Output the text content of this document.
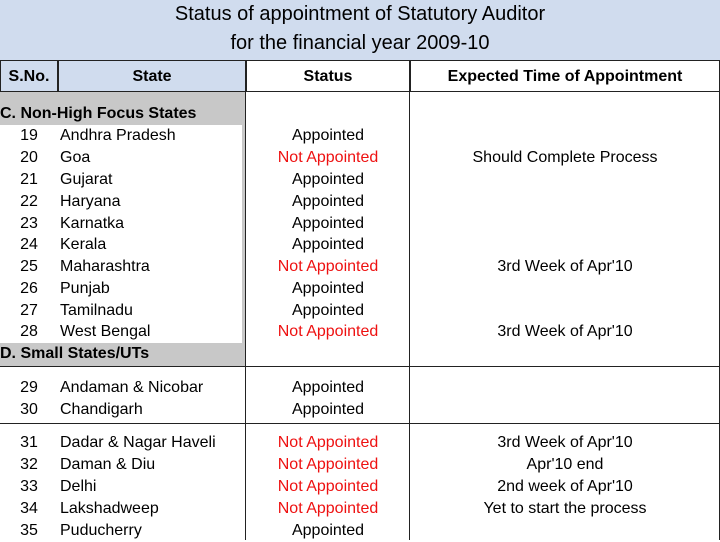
Status of appointment of Statutory Auditor
for the financial year 2009-10
S.No.	State	Status	Expected Time of Appointment
C. Non-High Focus States
19	Andhra Pradesh	Appointed
20	Goa	Not Appointed	Should Complete Process
21	Gujarat	Appointed
22	Haryana	Appointed
23	Karnatka	Appointed
24	Kerala	Appointed
25	Maharashtra	Not Appointed	3rd Week of Apr'10
26	Punjab	Appointed
27	Tamilnadu	Appointed
28	West Bengal	Not Appointed	3rd Week of Apr'10
D. Small States/UTs
29	Andaman & Nicobar	Appointed
30	Chandigarh	Appointed
31	Dadar & Nagar Haveli	Not Appointed	3rd Week of Apr'10
32	Daman & Diu	Not Appointed	Apr'10 end
33	Delhi	Not Appointed	2nd week of Apr'10
34	Lakshadweep	Not Appointed	Yet to start the process
35	Puducherry	Appointed
